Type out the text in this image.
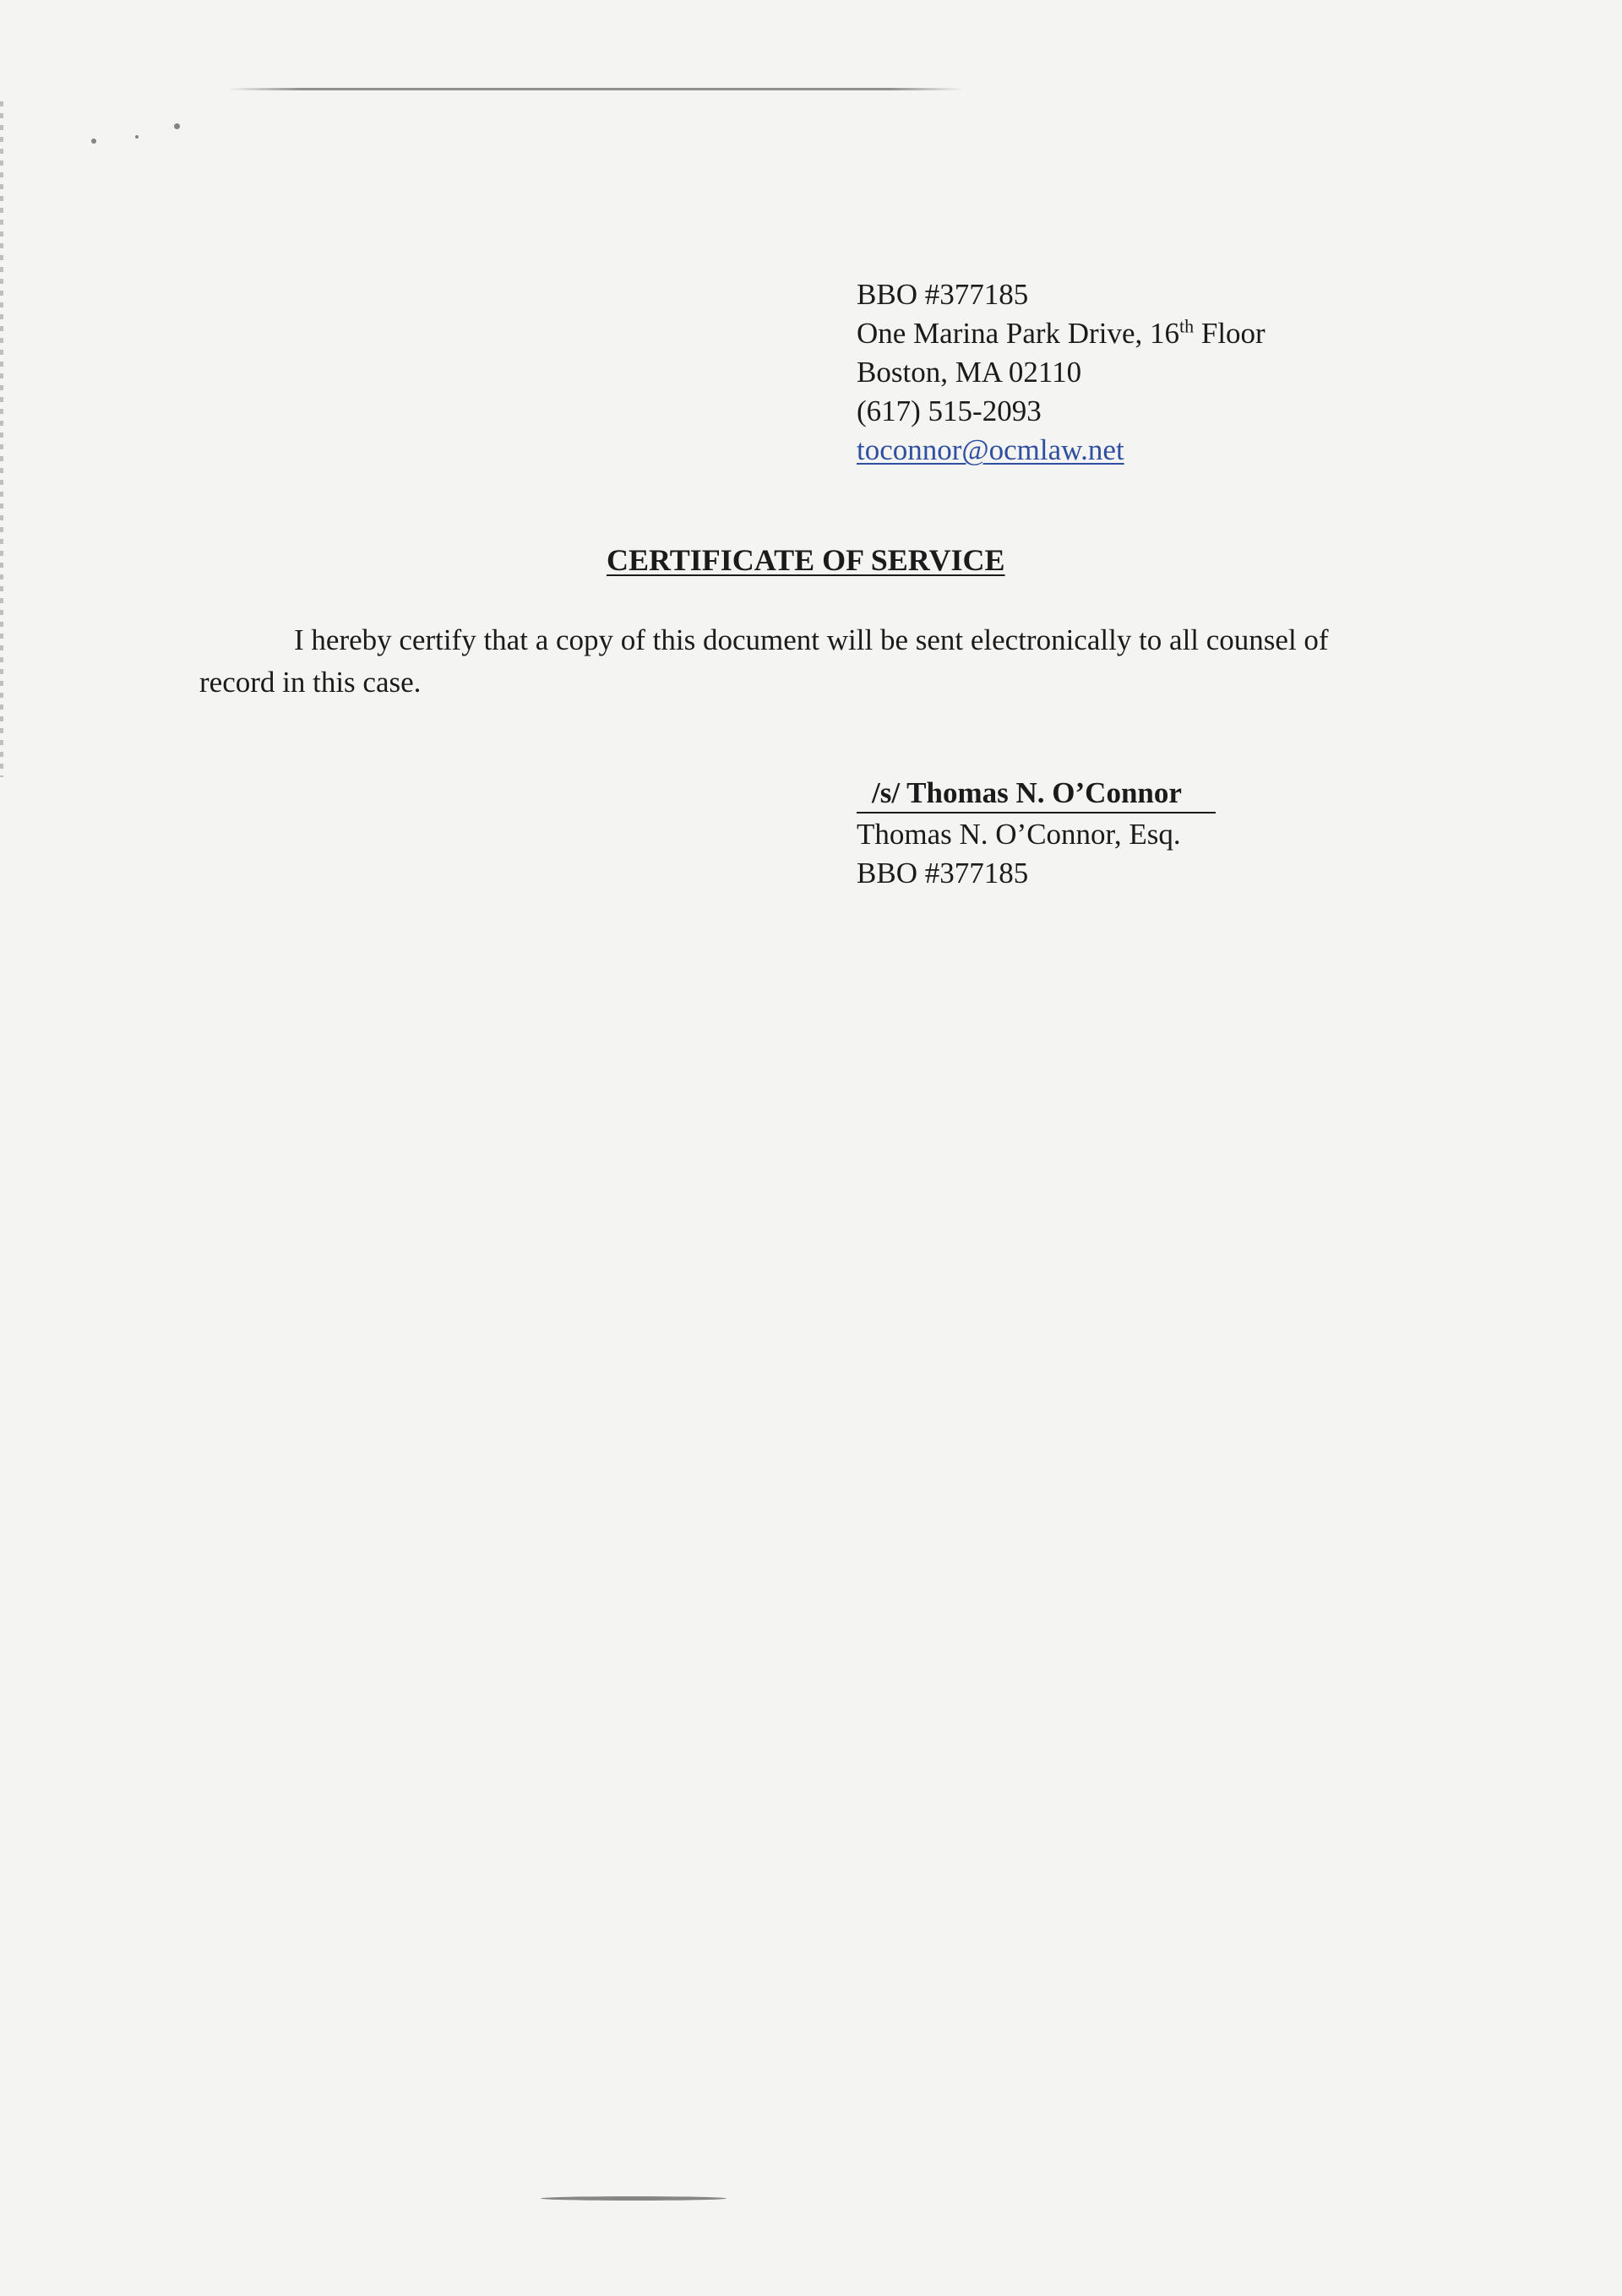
BBO #377185
One Marina Park Drive, 16th Floor
Boston, MA 02110
(617) 515-2093
toconnor@ocmlaw.net
CERTIFICATE OF SERVICE
I hereby certify that a copy of this document will be sent electronically to all counsel of record in this case.
/s/ Thomas N. O’Connor
Thomas N. O’Connor, Esq.
BBO #377185
